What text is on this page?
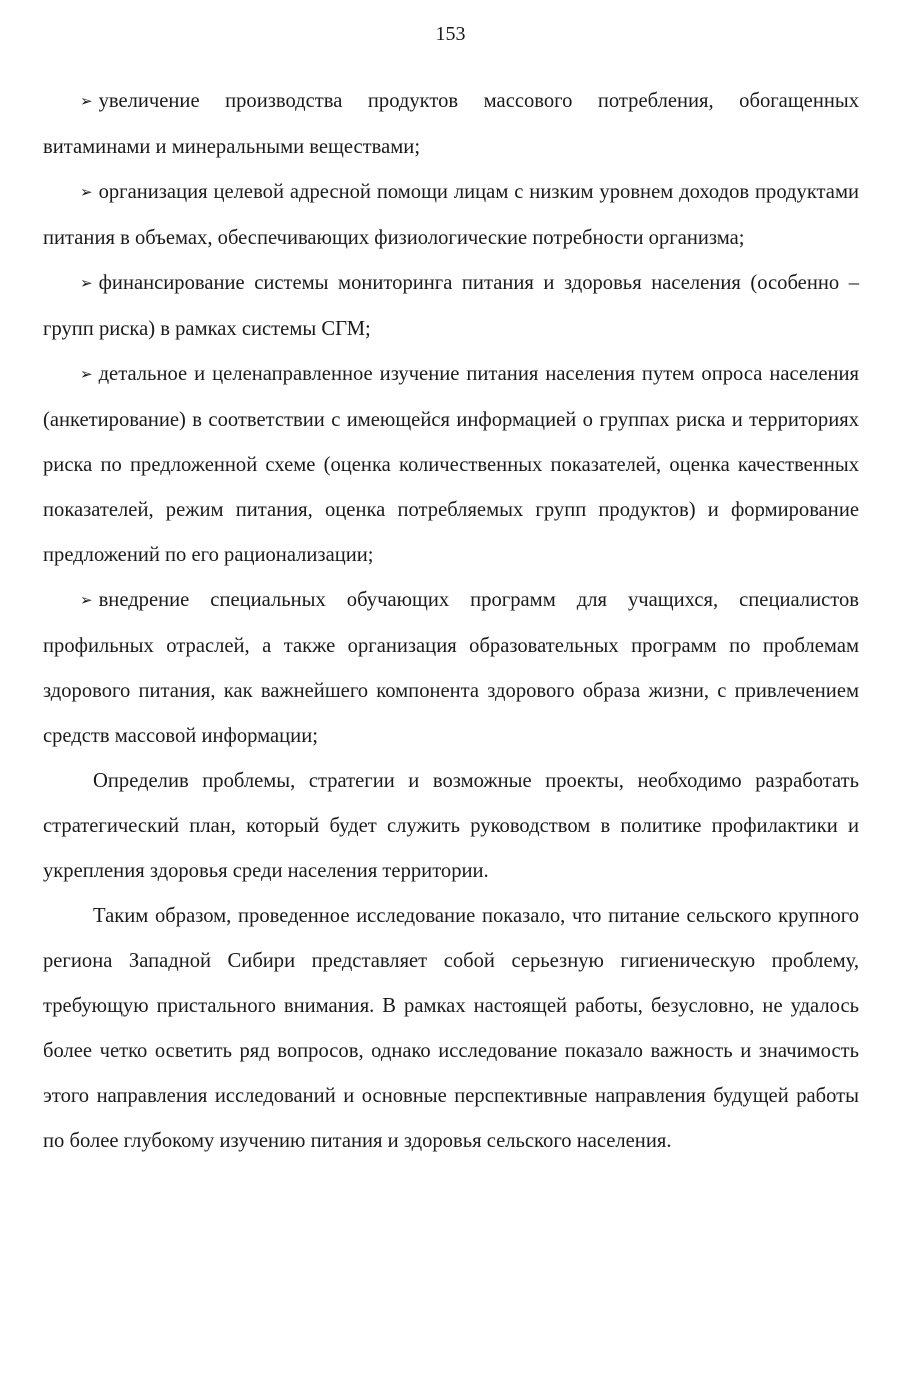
153

➢ увеличение производства продуктов массового потребления, обогащенных витаминами и минеральными веществами;

➢ организация целевой адресной помощи лицам с низким уровнем доходов продуктами питания в объемах, обеспечивающих физиологические потребности организма;

➢ финансирование системы мониторинга питания и здоровья населения (особенно – групп риска) в рамках системы СГМ;

➢ детальное и целенаправленное изучение питания населения путем опроса населения (анкетирование) в соответствии с имеющейся информацией о группах риска и территориях риска по предложенной схеме (оценка количественных показателей, оценка качественных показателей, режим питания, оценка потребляемых групп продуктов) и формирование предложений по его рационализации;

➢ внедрение специальных обучающих программ для учащихся, специалистов профильных отраслей, а также организация образовательных программ по проблемам здорового питания, как важнейшего компонента здорового образа жизни, с привлечением средств массовой информации;

Определив проблемы, стратегии и возможные проекты, необходимо разработать стратегический план, который будет служить руководством в политике профилактики и укрепления здоровья среди населения территории.

Таким образом, проведенное исследование показало, что питание сельского крупного региона Западной Сибири представляет собой серьезную гигиеническую проблему, требующую пристального внимания. В рамках настоящей работы, безусловно, не удалось более четко осветить ряд вопросов, однако исследование показало важность и значимость этого направления исследований и основные перспективные направления будущей работы по более глубокому изучению питания и здоровья сельского населения.
